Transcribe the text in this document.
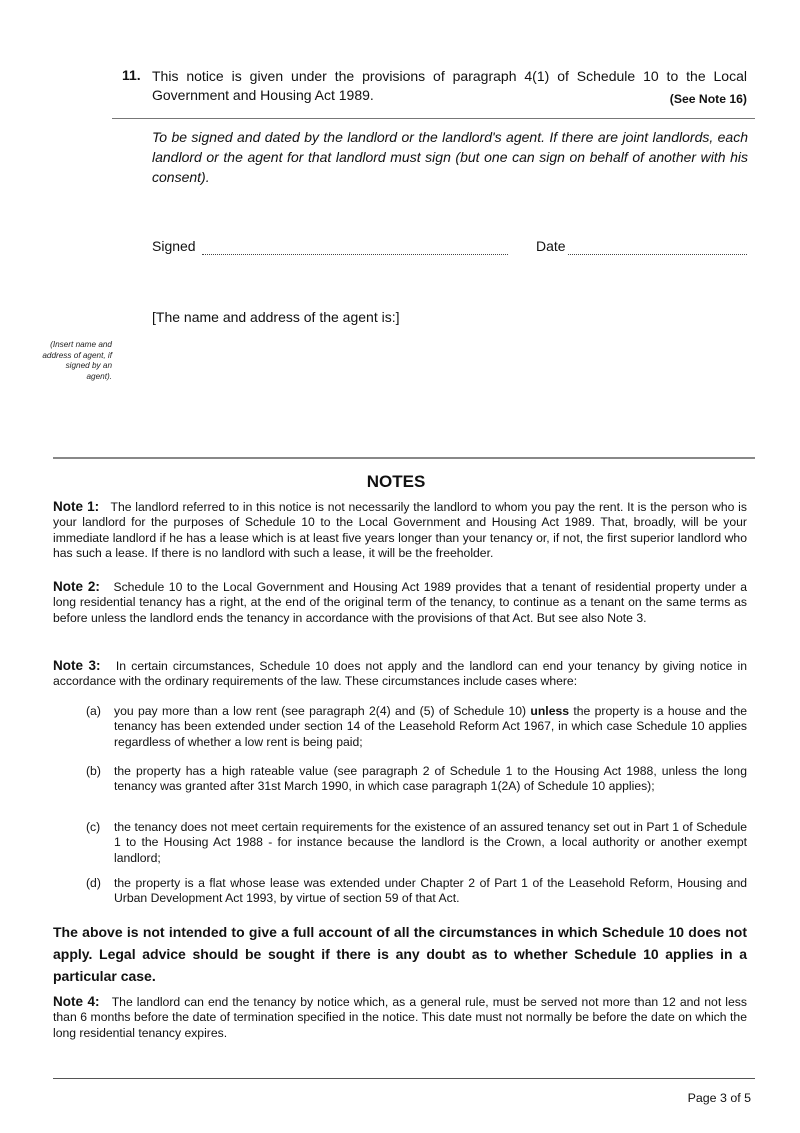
11. This notice is given under the provisions of paragraph 4(1) of Schedule 10 to the Local
Government and Housing Act 1989.	(See Note 16)
To be signed and dated by the landlord or the landlord's agent. If there are joint landlords, each landlord or the agent for that landlord must sign (but one can sign on behalf of another with his consent).
Signed	Date
[The name and address of the agent is:]
(Insert name and address of agent, if signed by an agent).
NOTES
Note 1: The landlord referred to in this notice is not necessarily the landlord to whom you pay the rent. It is the person who is your landlord for the purposes of Schedule 10 to the Local Government and Housing Act 1989. That, broadly, will be your immediate landlord if he has a lease which is at least five years longer than your tenancy or, if not, the first superior landlord who has such a lease. If there is no landlord with such a lease, it will be the freeholder.
Note 2: Schedule 10 to the Local Government and Housing Act 1989 provides that a tenant of residential property under a long residential tenancy has a right, at the end of the original term of the tenancy, to continue as a tenant on the same terms as before unless the landlord ends the tenancy in accordance with the provisions of that Act. But see also Note 3.
Note 3: In certain circumstances, Schedule 10 does not apply and the landlord can end your tenancy by giving notice in accordance with the ordinary requirements of the law. These circumstances include cases where:
(a)	you pay more than a low rent (see paragraph 2(4) and (5) of Schedule 10) unless the property is a house and the tenancy has been extended under section 14 of the Leasehold Reform Act 1967, in which case Schedule 10 applies regardless of whether a low rent is being paid;
(b)	the property has a high rateable value (see paragraph 2 of Schedule 1 to the Housing Act 1988, unless the long tenancy was granted after 31st March 1990, in which case paragraph 1(2A) of Schedule 10 applies);
(c)	the tenancy does not meet certain requirements for the existence of an assured tenancy set out in Part 1 of Schedule 1 to the Housing Act 1988 - for instance because the landlord is the Crown, a local authority or another exempt landlord;
(d)	the property is a flat whose lease was extended under Chapter 2 of Part 1 of the Leasehold Reform, Housing and Urban Development Act 1993, by virtue of section 59 of that Act.
The above is not intended to give a full account of all the circumstances in which Schedule 10 does not apply. Legal advice should be sought if there is any doubt as to whether Schedule 10 applies in a particular case.
Note 4: The landlord can end the tenancy by notice which, as a general rule, must be served not more than 12 and not less than 6 months before the date of termination specified in the notice. This date must not normally be before the date on which the long residential tenancy expires.
Page 3 of 5
